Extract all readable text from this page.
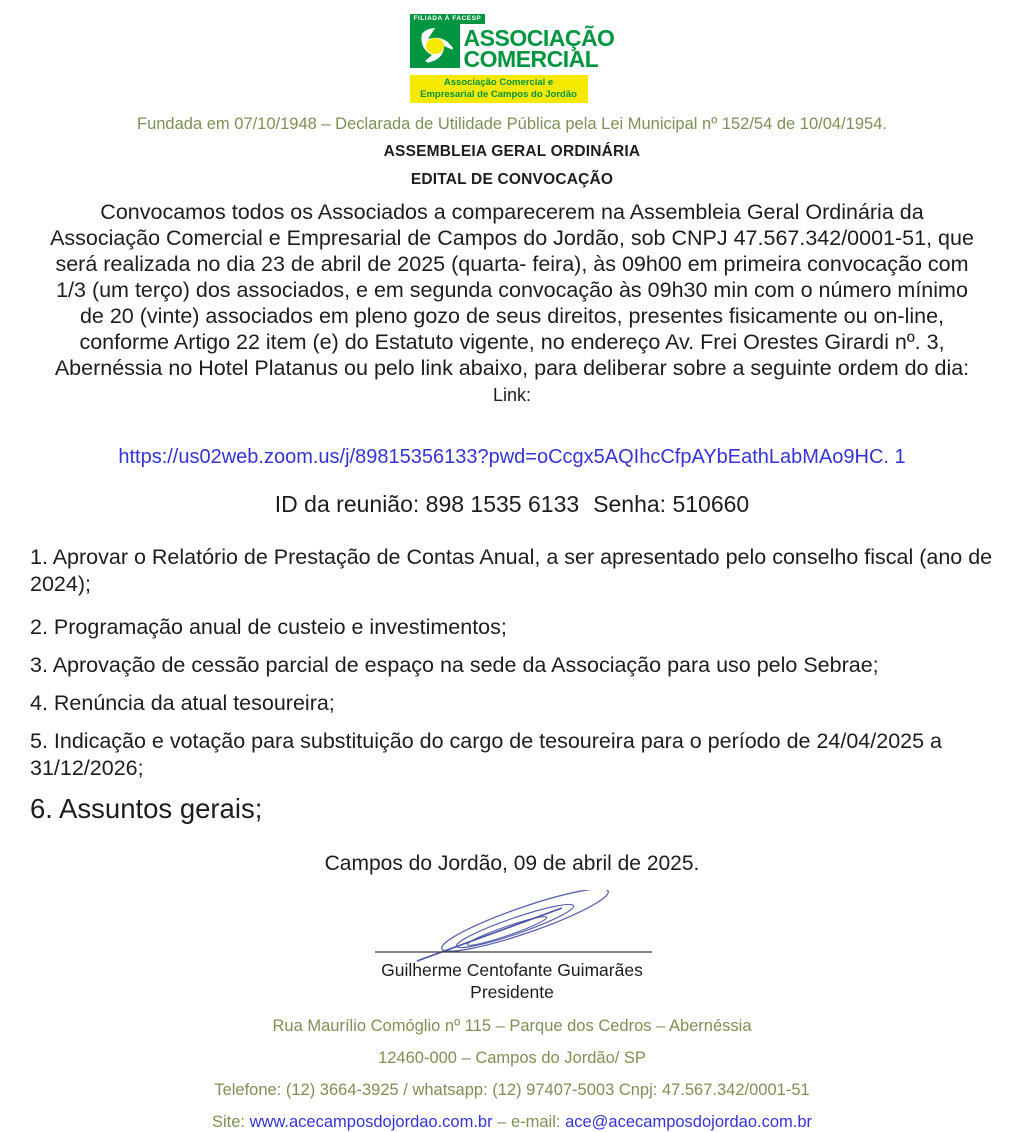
FILIADA À FACESP
ASSOCIAÇÃO
COMERCIAL
Associação Comercial e
Empresarial de Campos do Jordão
Fundada em 07/10/1948 – Declarada de Utilidade Pública pela Lei Municipal nº 152/54 de 10/04/1954.
ASSEMBLEIA GERAL ORDINÁRIA
EDITAL DE CONVOCAÇÃO
Convocamos todos os Associados a comparecerem na Assembleia Geral Ordinária da Associação Comercial e Empresarial de Campos do Jordão, sob CNPJ 47.567.342/0001-51, que será realizada no dia 23 de abril de 2025 (quarta- feira), às 09h00 em primeira convocação com 1/3 (um terço) dos associados, e em segunda convocação às 09h30 min com o número mínimo de 20 (vinte) associados em pleno gozo de seus direitos, presentes fisicamente ou on-line, conforme Artigo 22 item (e) do Estatuto vigente, no endereço Av. Frei Orestes Girardi nº. 3, Abernéssia no Hotel Platanus ou pelo link abaixo, para deliberar sobre a seguinte ordem do dia:
Link:
https://us02web.zoom.us/j/89815356133?pwd=oCcgx5AQIhcCfpAYbEathLabMAo9HC. 1
ID da reunião: 898 1535 6133 Senha: 510660
1. Aprovar o Relatório de Prestação de Contas Anual, a ser apresentado pelo conselho fiscal (ano de 2024);
2. Programação anual de custeio e investimentos;
3. Aprovação de cessão parcial de espaço na sede da Associação para uso pelo Sebrae;
4. Renúncia da atual tesoureira;
5. Indicação e votação para substituição do cargo de tesoureira para o período de 24/04/2025 a 31/12/2026;
6. Assuntos gerais;
Campos do Jordão, 09 de abril de 2025.
Guilherme Centofante Guimarães
Presidente
Rua Maurílio Comóglio nº 115 – Parque dos Cedros – Abernéssia
12460-000 – Campos do Jordão/ SP
Telefone: (12) 3664-3925 / whatsapp: (12) 97407-5003 Cnpj: 47.567.342/0001-51
Site: www.acecamposdojordao.com.br – e-mail: ace@acecamposdojordao.com.br
